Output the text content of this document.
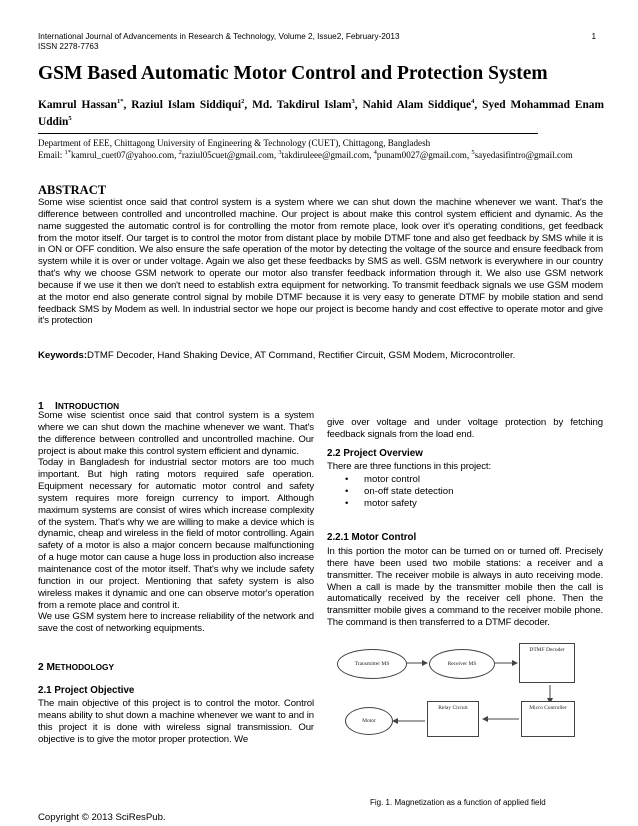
International Journal of Advancements in Research & Technology, Volume 2, Issue2, February-2013
ISSN 2278-7763
1
GSM Based Automatic Motor Control and Protection System
Kamrul Hassan$^{1*}$, Raziul Islam Siddiqui$^2$, Md. Takdirul Islam$^3$, Nahid Alam Siddique$^4$, Syed Mohammad Enam Uddin$^5$
Department of EEE, Chittagong University of Engineering & Technology (CUET), Chittagong, Bangladesh
Email: $^{1*}$kamrul_cuet07@yahoo.com, $^2$raziul05cuet@gmail.com, $^3$takdiruleee@gmail.com, $^4$punam0027@gmail.com, $^5$sayedasifintro@gmail.com
ABSTRACT
Some wise scientist once said that control system is a system where we can shut down the machine whenever we want. That's the difference between controlled and uncontrolled machine. Our project is about make this control system efficient and dynamic. As the name suggested the automatic control is for controlling the motor from remote place, look over it's operating conditions, get feedback from the motor itself. Our target is to control the motor from distant place by mobile DTMF tone and also get feedback by SMS while it is in ON or OFF condition. We also ensure the safe operation of the motor by detecting the voltage of the source and ensure feedback from system while it is over or under voltage. Again we also get these feedbacks by SMS as well. GSM network is everywhere in our country that's why we choose GSM network to operate our motor also transfer feedback information through it. We also use GSM network because if we use it then we don't need to establish extra equipment for networking. To transmit feedback signals we use GSM modem at the motor end also generate control signal by mobile DTMF because it is very easy to generate DTMF by mobile station and send feedback SMS by Modem as well. In industrial sector we hope our project is become handy and cost effective to operate motor and give it's protection
Keywords:DTMF Decoder, Hand Shaking Device, AT Command, Rectifier Circuit, GSM Modem, Microcontroller.
1 INTRODUCTION
Some wise scientist once said that control system is a system where we can shut down the machine whenever we want. That's the difference between controlled and uncontrolled machine. Our project is about make this control system efficient and dynamic.
Today in Bangladesh for industrial sector motors are too much important. But high rating motors required safe operation. Equipment necessary for automatic motor control and safety system requires more foreign currency to import. Although maximum systems are consist of wires which increase complexity of the system. That's why we are willing to make a device which is dynamic, cheap and wireless in the field of motor controlling. Again safety of a motor is also a major concern because malfunctioning of a huge motor can cause a huge loss in production also increase maintenance cost of the motor itself. That's why we include safety function in our project. Mentioning that safety system is also wireless makes it dynamic and one can observe motor's operation from a remote place and control it.
We use GSM system here to increase reliability of the network and save the cost of networking equipments.
2 METHODOLOGY
2.1 Project Objective
The main objective of this project is to control the motor. Control means ability to shut down a machine whenever we want to and in this project it is done with wireless signal transmission. Our objective is to give the motor proper protection. We
give over voltage and under voltage protection by fetching feedback signals from the load end.
2.2 Project Overview
There are three functions in this project:
• motor control
• on-off state detection
• motor safety
2.2.1 Motor Control
In this portion the motor can be turned on or turned off. Precisely there have been used two mobile stations: a receiver and a transmitter. The receiver mobile is always in auto receiving mode. When a call is made by the transmitter mobile then the call is automatically received by the receiver cell phone. Then the transmitter mobile gives a command to the receiver mobile phone. The command is then transferred to a DTMF decoder.
Transmitter MS	Receiver MS
DTMF Decoder
Motor
Relay Circuit	Micro Controller
Fig. 1. Magnetization as a function of applied field
Copyright © 2013 SciResPub.
